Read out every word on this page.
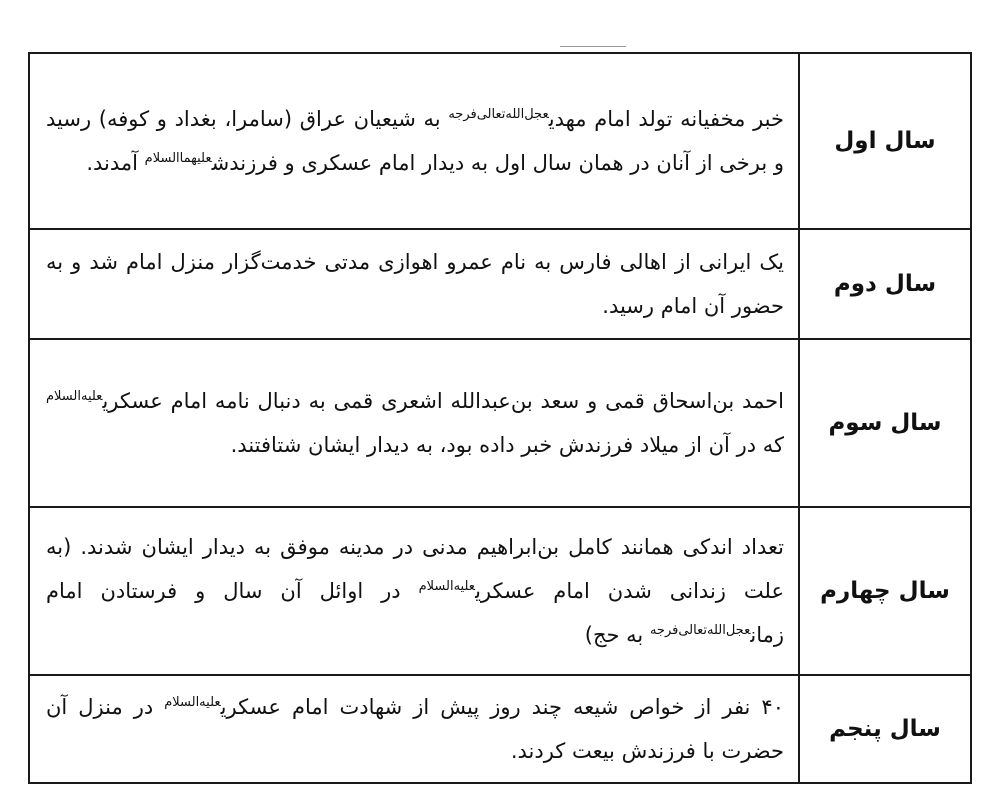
سال اول	خبر مخفیانه تولد امام مهدی$^{عجل‌الله‌تعالی‌فرجه}$ به شیعیان عراق (سامرا، بغداد و کوفه) رسید و برخی از آنان در همان سال اول به دیدار امام عسکری و فرزندش$^{علیهماالسلام}$ آمدند.
سال دوم	یک ایرانی از اهالی فارس به نام عمرو اهوازی مدتی خدمت‌گزار منزل امام شد و به حضور آن امام رسید.
سال سوم	احمد بن‌اسحاق قمی و سعد بن‌عبدالله اشعری قمی به دنبال نامه امام عسکری$^{علیه‌السلام}$ که در آن از میلاد فرزندش خبر داده بود، به دیدار ایشان شتافتند.
سال چهارم	تعداد اندکی همانند کامل بن‌ابراهیم مدنی در مدینه موفق به دیدار ایشان شدند. (به علت زندانی شدن امام عسکری$^{علیه‌السلام}$ در اوائل آن سال و فرستادن امام زمان$^{عجل‌الله‌تعالی‌فرجه}$ به حج)
سال پنجم	۴۰ نفر از خواص شیعه چند روز پیش از شهادت امام عسکری$^{علیه‌السلام}$ در منزل آن حضرت با فرزندش بیعت کردند.
